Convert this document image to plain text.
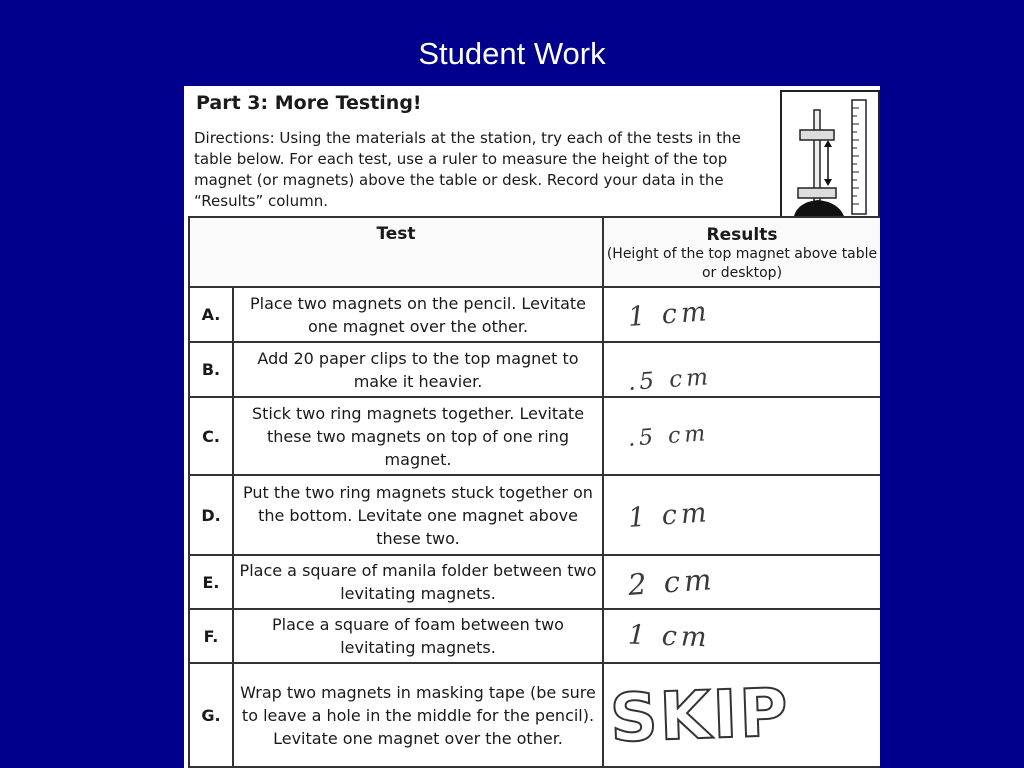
Student Work
Part 3: More Testing!
Directions: Using the materials at the station, try each of the tests in the table below. For each test, use a ruler to measure the height of the top magnet (or magnets) above the table or desk. Record your data in the “Results” column.
Test		Results
(Height of the top magnet above table or desktop)

A.	Place two magnets on the pencil. Levitate one magnet over the other.	1 cm
B.	Add 20 paper clips to the top magnet to make it heavier.	.5 cm
C.	Stick two ring magnets together. Levitate these two magnets on top of one ring magnet.	.5 cm
D.	Put the two ring magnets stuck together on the bottom. Levitate one magnet above these two.	1 cm
E.	Place a square of manila folder between two levitating magnets.	2 cm
F.	Place a square of foam between two levitating magnets.	1 cm
G.	Wrap two magnets in masking tape (be sure to leave a hole in the middle for the pencil). Levitate one magnet over the other.	SKIP
